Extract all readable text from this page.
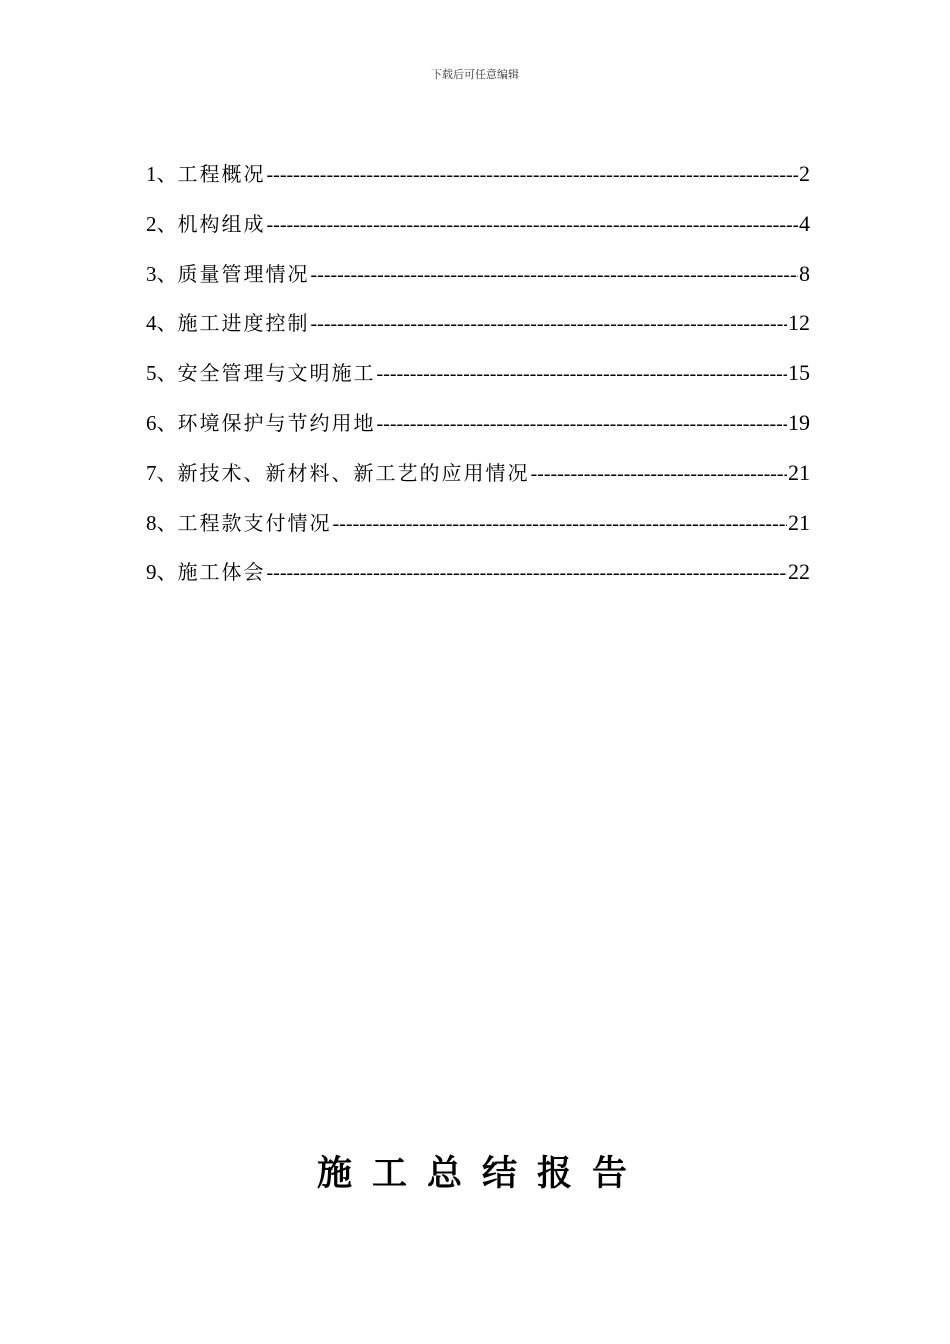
下载后可任意编辑
1、 工程概况 -----	2
2、 机构组成 -----	4
3、 质量管理情况 -----	8
4、 施工进度控制 -----	12
5、 安全管理与文明施工 -----	15
6、 环境保护与节约用地 -----	19
7、 新技术、新材料、新工艺的应用情况 -----	21
8、 工程款支付情况 -----	21
9、 施工体会 -----	22
施工总结报告
